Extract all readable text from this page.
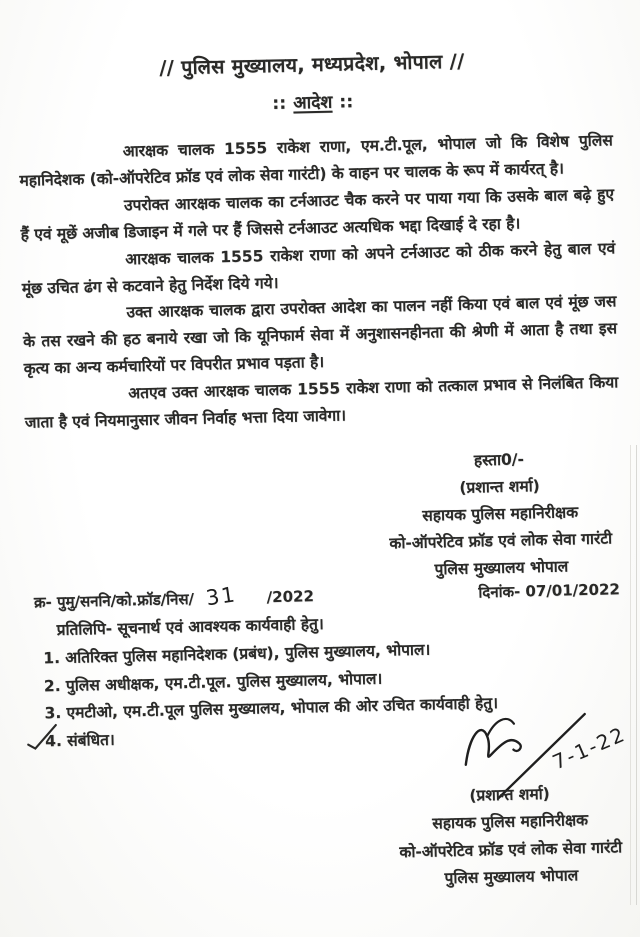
// पुलिस मुख्यालय, मध्यप्रदेश, भोपाल //
:: आदेश ::

आरक्षक चालक 1555 राकेश राणा, एम.टी.पूल, भोपाल जो कि विशेष पुलिस महानिदेशक (को-ऑपरेटिव फ्रॉड एवं लोक सेवा गारंटी) के वाहन पर चालक के रूप में कार्यरत् है।

उपरोक्त आरक्षक चालक का टर्नआउट चैक करने पर पाया गया कि उसके बाल बढ़े हुए हैं एवं मूछें अजीब डिजाइन में गले पर हैं जिससे टर्नआउट अत्यधिक भद्दा दिखाई दे रहा है।

आरक्षक चालक 1555 राकेश राणा को अपने टर्नआउट को ठीक करने हेतु बाल एवं मूंछ उचित ढंग से कटवाने हेतु निर्देश दिये गये।

उक्त आरक्षक चालक द्वारा उपरोक्त आदेश का पालन नहीं किया एवं बाल एवं मूंछ जस के तस रखने की हठ बनाये रखा जो कि यूनिफार्म सेवा में अनुशासनहीनता की श्रेणी में आता है तथा इस कृत्य का अन्य कर्मचारियों पर विपरीत प्रभाव पड़ता है।

अतएव उक्त आरक्षक चालक 1555 राकेश राणा को तत्काल प्रभाव से निलंबित किया जाता है एवं नियमानुसार जीवन निर्वाह भत्ता दिया जावेगा।

हस्ता0/-
(प्रशान्त शर्मा)
सहायक पुलिस महानिरीक्षक
को-ऑपरेटिव फ्रॉड एवं लोक सेवा गारंटी
पुलिस मुख्यालय भोपाल
क्र- पुमु/सननि/को.फ्रॉड/निस/ 31 /2022	दिनांक- 07/01/2022
प्रतिलिपि- सूचनार्थ एवं आवश्यक कार्यवाही हेतु।
1. अतिरिक्त पुलिस महानिदेशक (प्रबंध), पुलिस मुख्यालय, भोपाल।
2. पुलिस अधीक्षक, एम.टी.पूल. पुलिस मुख्यालय, भोपाल।
3. एमटीओ, एम.टी.पूल पुलिस मुख्यालय, भोपाल की ओर उचित कार्यवाही हेतु।
4. संबंधित।	7-1-22
(प्रशान्त शर्मा)
सहायक पुलिस महानिरीक्षक
को-ऑपरेटिव फ्रॉड एवं लोक सेवा गारंटी
पुलिस मुख्यालय भोपाल
